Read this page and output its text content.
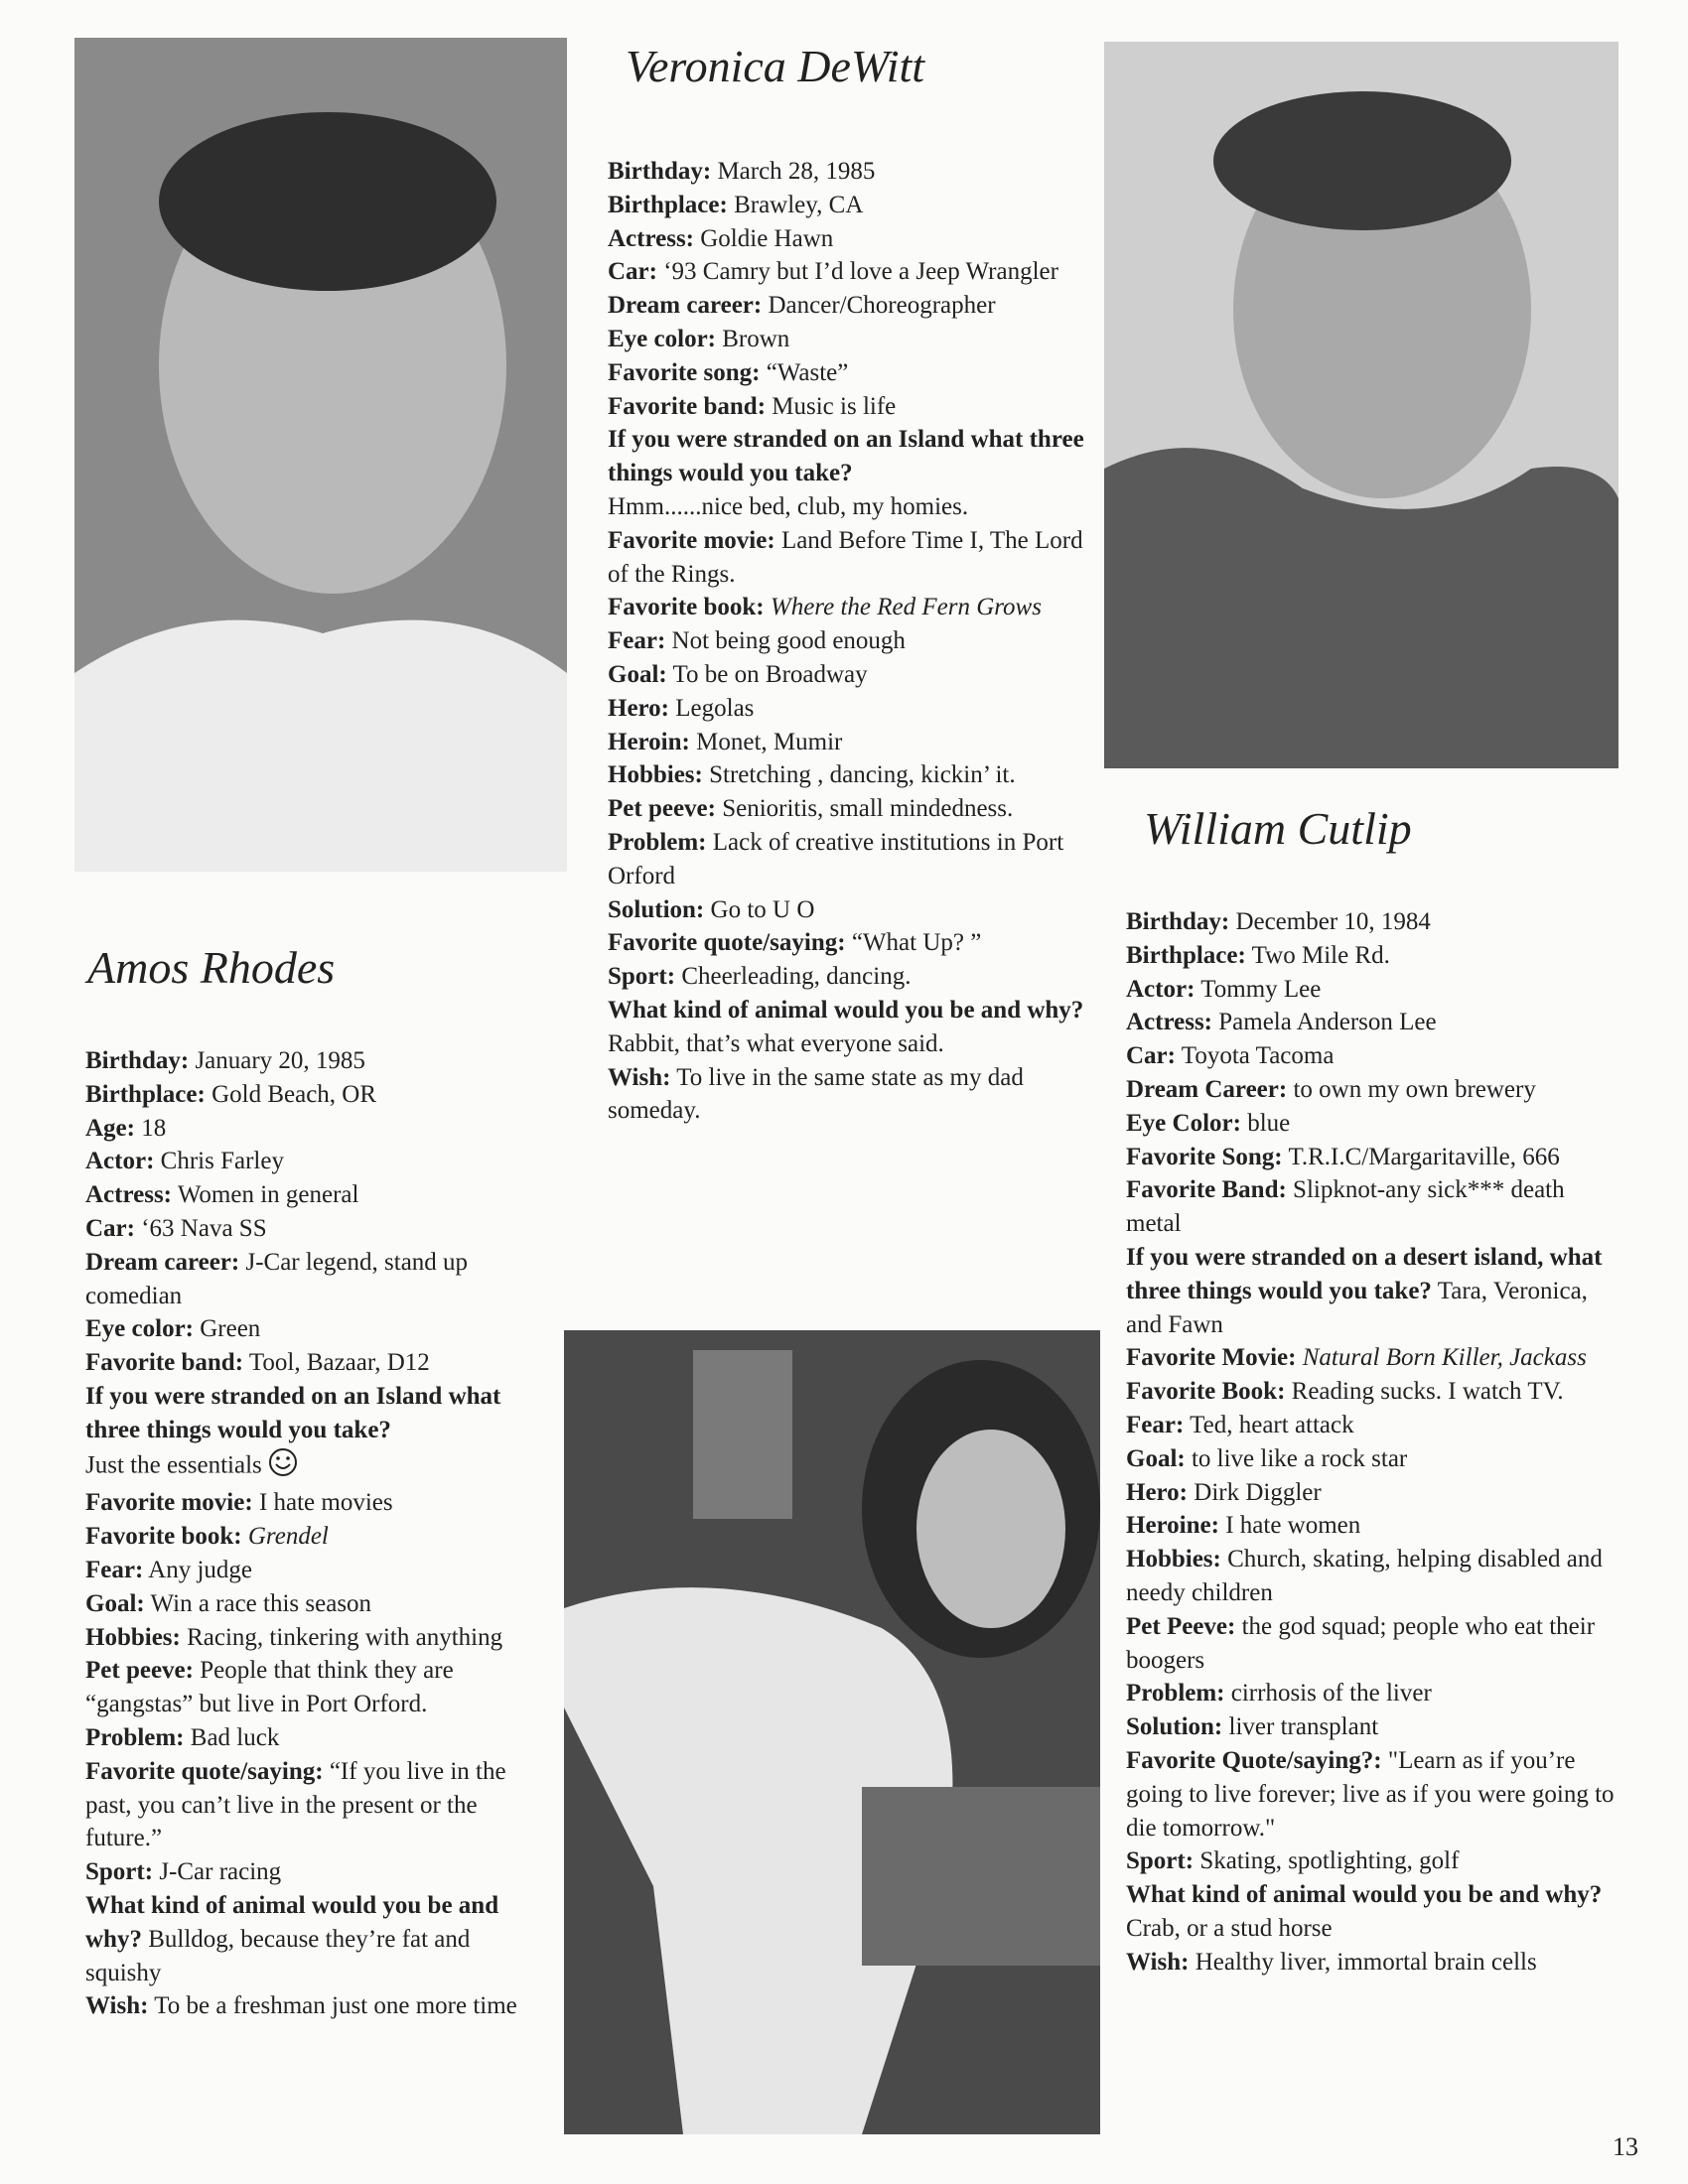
Amos Rhodes

Birthday: January 20, 1985

Birthplace: Gold Beach, OR

Age: 18

Actor: Chris Farley

Actress: Women in general

Car: ‘63 Nava SS

Dream career: J-Car legend, stand up comedian

Eye color: Green

Favorite band: Tool, Bazaar, D12

If you were stranded on an Island what three things would you take?
Just the essentials

Favorite movie: I hate movies

Favorite book: Grendel

Fear: Any judge

Goal: Win a race this season

Hobbies: Racing, tinkering with anything

Pet peeve: People that think they are “gangstas” but live in Port Orford.

Problem: Bad luck

Favorite quote/saying: “If you live in the past, you can’t live in the present or the future.”

Sport: J-Car racing

What kind of animal would you be and why? Bulldog, because they’re fat and squishy

Wish: To be a freshman just one more time

Veronica DeWitt

Birthday: March 28, 1985

Birthplace: Brawley, CA

Actress: Goldie Hawn

Car: ‘93 Camry but I’d love a Jeep Wrangler

Dream career: Dancer/Choreographer

Eye color: Brown

Favorite song: “Waste”

Favorite band: Music is life

If you were stranded on an Island what three things would you take?
Hmm......nice bed, club, my homies.

Favorite movie: Land Before Time I, The Lord of the Rings.

Favorite book: Where the Red Fern Grows

Fear: Not being good enough

Goal: To be on Broadway

Hero: Legolas

Heroin: Monet, Mumir

Hobbies: Stretching , dancing, kickin’ it.

Pet peeve: Senioritis, small mindedness.

Problem: Lack of creative institutions in Port Orford

Solution: Go to U O

Favorite quote/saying: “What Up? ”

Sport: Cheerleading, dancing.

What kind of animal would you be and why? Rabbit, that’s what everyone said.

Wish: To live in the same state as my dad someday.

William Cutlip

Birthday: December 10, 1984

Birthplace: Two Mile Rd.

Actor: Tommy Lee

Actress: Pamela Anderson Lee

Car: Toyota Tacoma

Dream Career: to own my own brewery

Eye Color: blue

Favorite Song: T.R.I.C/Margaritaville, 666

Favorite Band: Slipknot-any sick*** death metal

If you were stranded on a desert island, what three things would you take? Tara, Veronica, and Fawn

Favorite Movie: Natural Born Killer, Jackass

Favorite Book: Reading sucks. I watch TV.

Fear: Ted, heart attack

Goal: to live like a rock star

Hero: Dirk Diggler

Heroine: I hate women

Hobbies: Church, skating, helping disabled and needy children

Pet Peeve: the god squad; people who eat their boogers

Problem: cirrhosis of the liver

Solution: liver transplant

Favorite Quote/saying?: "Learn as if you’re going to live forever; live as if you were going to die tomorrow."

Sport: Skating, spotlighting, golf

What kind of animal would you be and why? Crab, or a stud horse

Wish: Healthy liver, immortal brain cells

13
